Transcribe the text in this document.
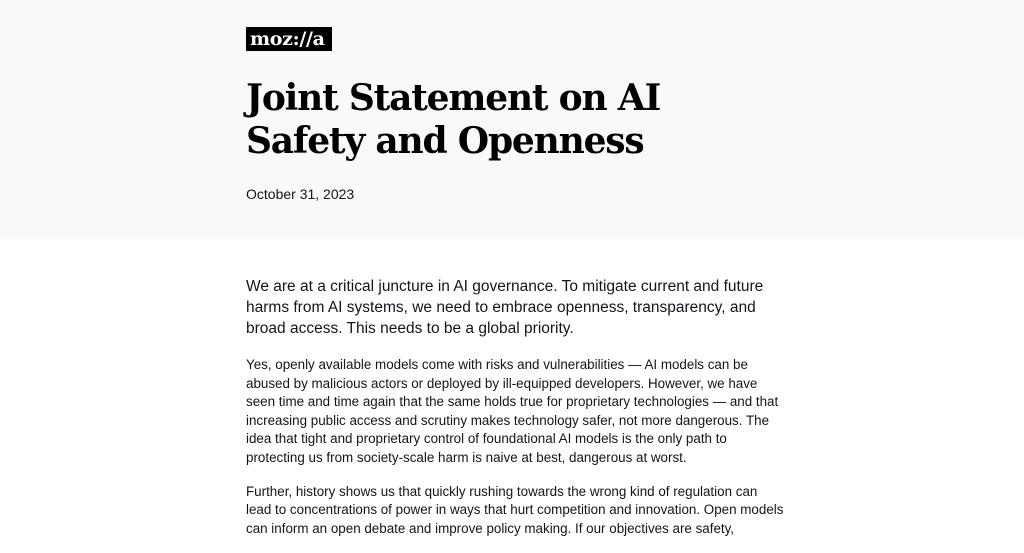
moz://a
Joint Statement on AI Safety and Openness
October 31, 2023

We are at a critical juncture in AI governance. To mitigate current and future harms from AI systems, we need to embrace openness, transparency, and broad access. This needs to be a global priority.

Yes, openly available models come with risks and vulnerabilities — AI models can be abused by malicious actors or deployed by ill-equipped developers. However, we have seen time and time again that the same holds true for proprietary technologies — and that increasing public access and scrutiny makes technology safer, not more dangerous. The idea that tight and proprietary control of foundational AI models is the only path to protecting us from society-scale harm is naive at best, dangerous at worst.

Further, history shows us that quickly rushing towards the wrong kind of regulation can lead to concentrations of power in ways that hurt competition and innovation. Open models can inform an open debate and improve policy making. If our objectives are safety,
